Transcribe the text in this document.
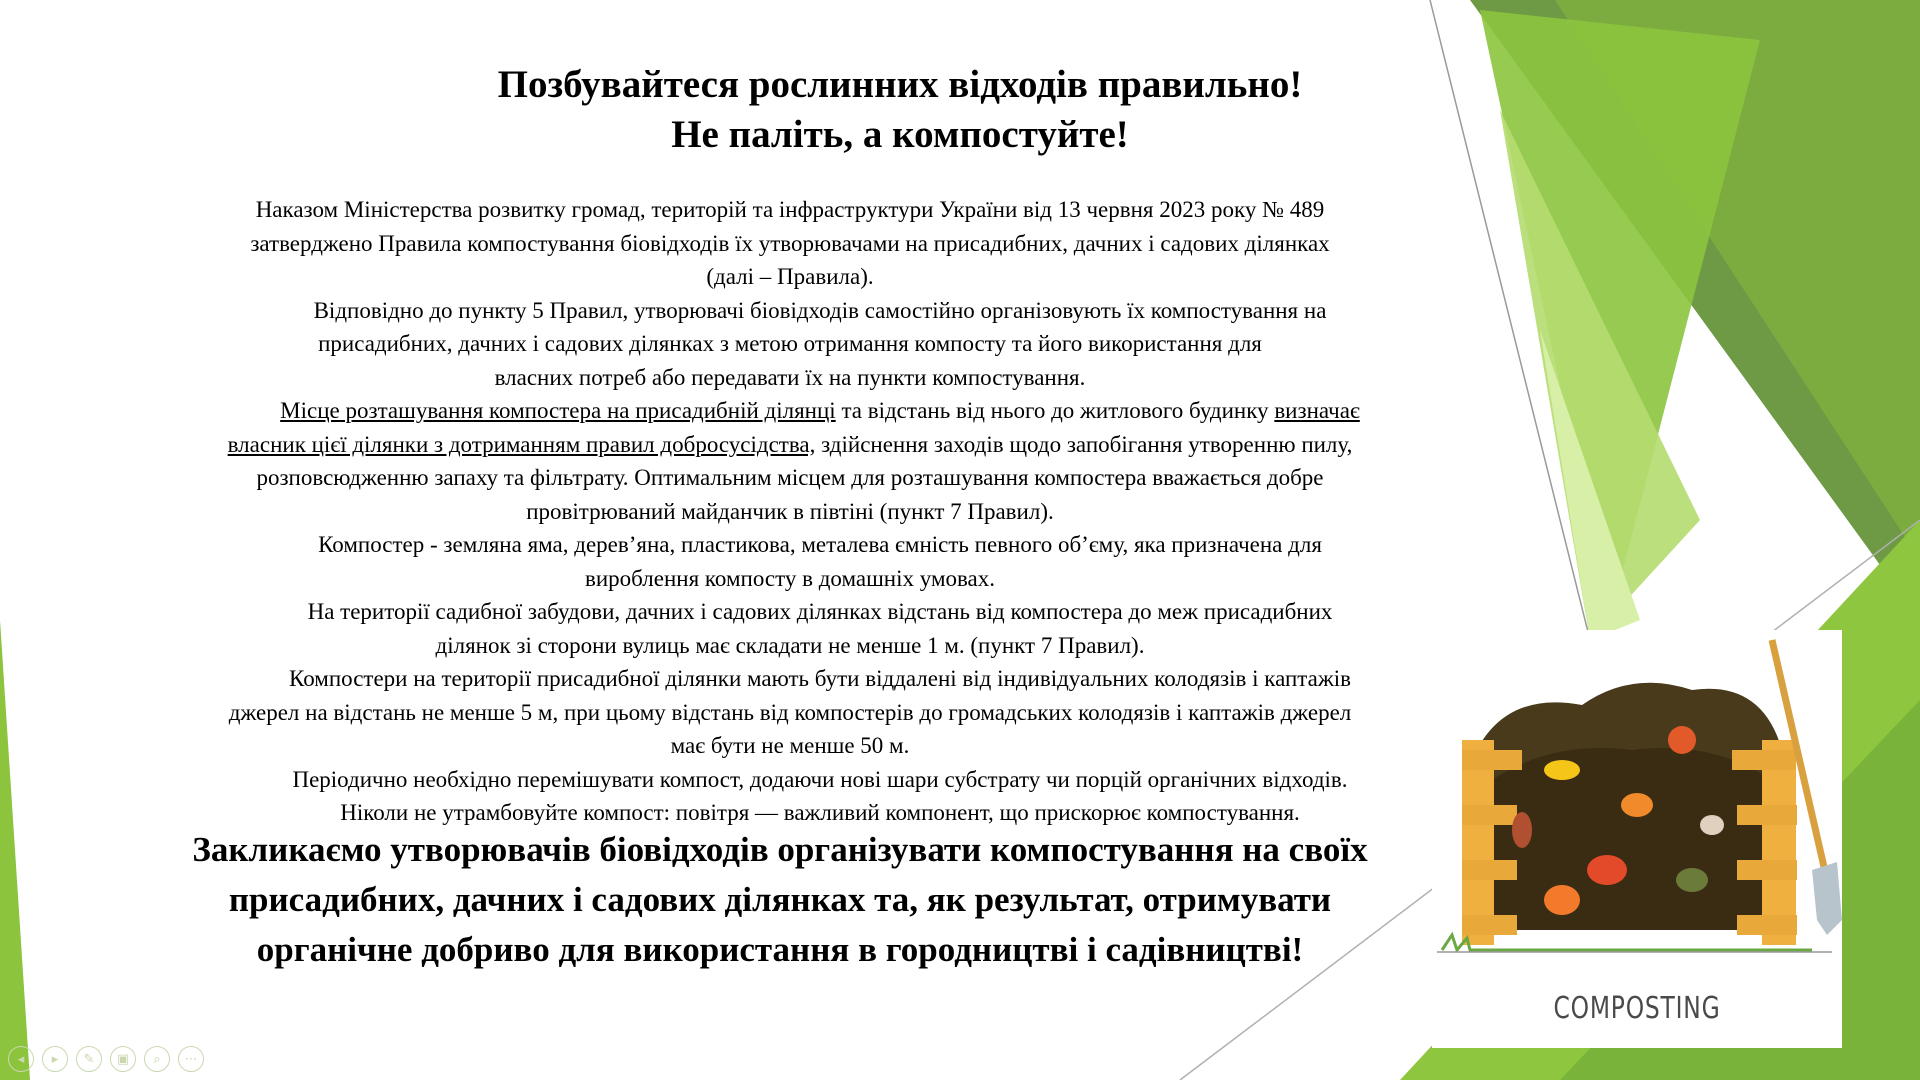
Позбувайтеся рослинних відходів правильно!
Не паліть, а компостуйте!
Наказом Міністерства розвитку громад, територій та інфраструктури України від 13 червня 2023 року № 489
затверджено Правила компостування біовідходів їх утворювачами на присадибних, дачних і садових ділянках
(далі – Правила).
Відповідно до пункту 5 Правил, утворювачі біовідходів самостійно організовують їх компостування на
присадибних, дачних і садових ділянках з метою отримання компосту та його використання для
власних потреб або передавати їх на пункти компостування.
Місце розташування компостера на присадибній ділянці та відстань від нього до житлового будинку визначає
власник цієї ділянки з дотриманням правил добросусідства, здійснення заходів щодо запобігання утворенню пилу,
розповсюдженню запаху та фільтрату. Оптимальним місцем для розташування компостера вважається добре
провітрюваний майданчик в півтіні (пункт 7 Правил).
Компостер - земляна яма, дерев’яна, пластикова, металева ємність певного об’єму, яка призначена для
вироблення компосту в домашніх умовах.
На території садибної забудови, дачних і садових ділянках відстань від компостера до меж присадибних
ділянок зі сторони вулиць має складати не менше 1 м. (пункт 7 Правил).
Компостери на території присадибної ділянки мають бути віддалені від індивідуальних колодязів і каптажів
джерел на відстань не менше 5 м, при цьому відстань від компостерів до громадських колодязів і каптажів джерел
має бути не менше 50 м.
Періодично необхідно перемішувати компост, додаючи нові шари субстрату чи порцій органічних відходів.
Ніколи не утрамбовуйте компост: повітря — важливий компонент, що прискорює компостування.
Закликаємо утворювачів біовідходів організувати компостування на своїх
присадибних, дачних і садових ділянках та, як результат, отримувати
органічне добриво для використання в городництві і садівництві!
COMPOSTING
◂ ▸ ✎ ▣ ⌕ ⋯
